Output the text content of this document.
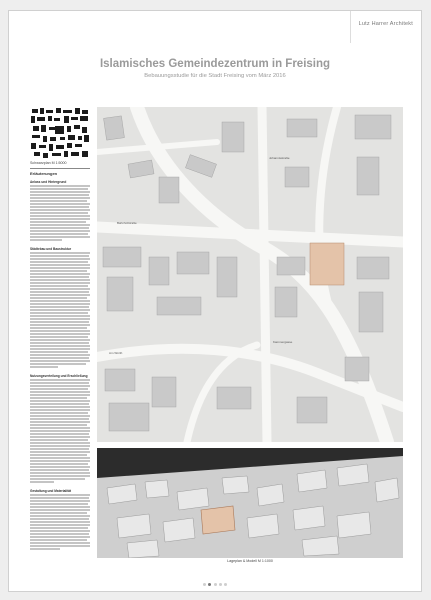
Lutz Harrer Architekt
Islamisches Gemeindezentrum in Freising

Bebauungsstudie für die Stadt Freising vom März 2016

Schwarzplan M 1:5000
Erläuterungen
Anlass und Hintergrund
Städtebau und Baustruktur
Nutzungsverteilung und Erschließung
Gestaltung und Materialität
Bahnhofstraße
Johannisstraße
Am Wörth
Kammergasse
Lageplan & Modell M 1:1000
